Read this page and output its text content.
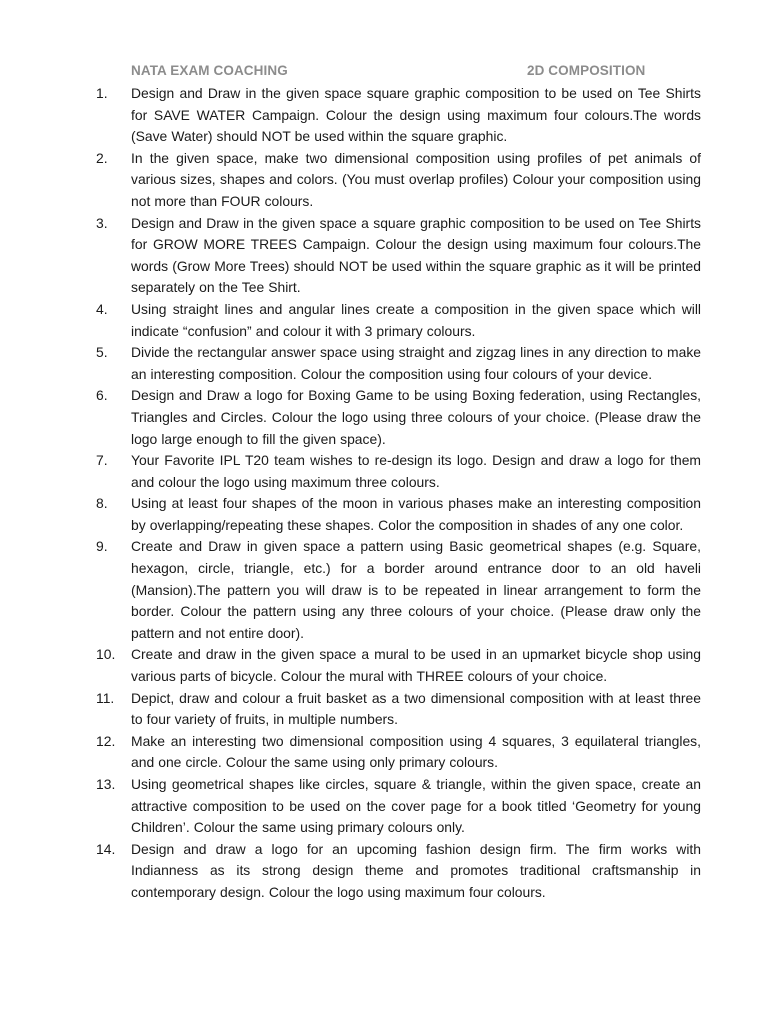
NATA EXAM COACHING	2D COMPOSITION
1.	Design and Draw in the given space square graphic composition to be used on Tee Shirts for SAVE WATER Campaign. Colour the design using maximum four colours.The words (Save Water) should NOT be used within the square graphic.
2.	In the given space, make two dimensional composition using profiles of pet animals of various sizes, shapes and colors. (You must overlap profiles) Colour your composition using not more than FOUR colours.
3.	Design and Draw in the given space a square graphic composition to be used on Tee Shirts for GROW MORE TREES Campaign. Colour the design using maximum four colours.The words (Grow More Trees) should NOT be used within the square graphic as it will be printed separately on the Tee Shirt.
4.	Using straight lines and angular lines create a composition in the given space which will indicate “confusion” and colour it with 3 primary colours.
5.	Divide the rectangular answer space using straight and zigzag lines in any direction to make an interesting composition. Colour the composition using four colours of your device.
6.	Design and Draw a logo for Boxing Game to be using Boxing federation, using Rectangles, Triangles and Circles. Colour the logo using three colours of your choice. (Please draw the logo large enough to fill the given space).
7.	Your Favorite IPL T20 team wishes to re-design its logo. Design and draw a logo for them and colour the logo using maximum three colours.
8.	Using at least four shapes of the moon in various phases make an interesting composition by overlapping/repeating these shapes. Color the composition in shades of any one color.
9.	Create and Draw in given space a pattern using Basic geometrical shapes (e.g. Square, hexagon, circle, triangle, etc.) for a border around entrance door to an old haveli (Mansion).The pattern you will draw is to be repeated in linear arrangement to form the border. Colour the pattern using any three colours of your choice. (Please draw only the pattern and not entire door).
10.	Create and draw in the given space a mural to be used in an upmarket bicycle shop using various parts of bicycle. Colour the mural with THREE colours of your choice.
11.	Depict, draw and colour a fruit basket as a two dimensional composition with at least three to four variety of fruits, in multiple numbers.
12.	Make an interesting two dimensional composition using 4 squares, 3 equilateral triangles, and one circle. Colour the same using only primary colours.
13.	Using geometrical shapes like circles, square & triangle, within the given space, create an attractive composition to be used on the cover page for a book titled ‘Geometry for young Children’. Colour the same using primary colours only.
14.	Design and draw a logo for an upcoming fashion design firm. The firm works with Indianness as its strong design theme and promotes traditional craftsmanship in contemporary design. Colour the logo using maximum four colours.
